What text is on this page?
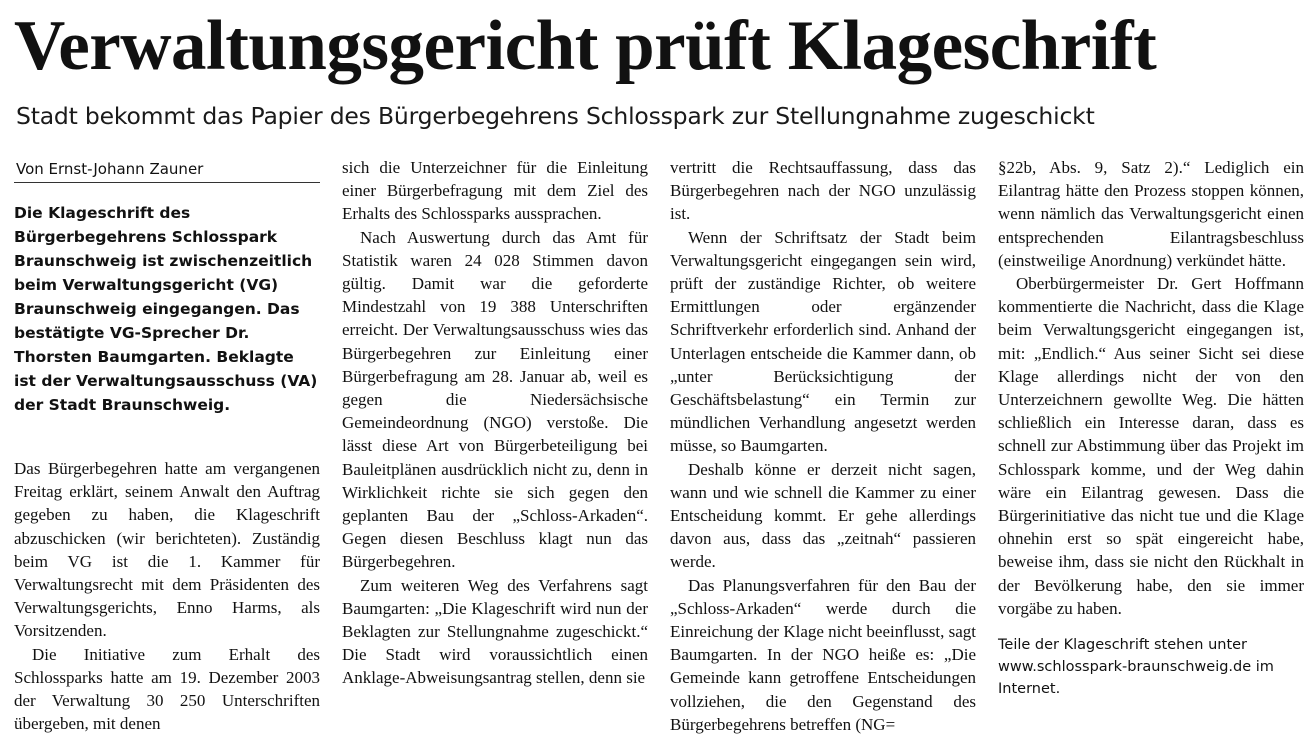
Verwaltungsgericht prüft Klageschrift
Stadt bekommt das Papier des Bürgerbegehrens Schlosspark zur Stellungnahme zugeschickt
Von Ernst-Johann Zauner

Die Klageschrift des Bürgerbegehrens Schlosspark Braunschweig ist zwischenzeitlich beim Verwaltungsgericht (VG) Braunschweig eingegangen. Das bestätigte VG-Sprecher Dr. Thorsten Baumgarten. Beklagte ist der Verwaltungsausschuss (VA) der Stadt Braunschweig.

Das Bürgerbegehren hatte am vergangenen Freitag erklärt, seinem Anwalt den Auftrag gegeben zu haben, die Klageschrift abzuschicken (wir berichteten). Zuständig beim VG ist die 1. Kammer für Verwaltungsrecht mit dem Präsidenten des Verwaltungsgerichts, Enno Harms, als Vorsitzenden.

Die Initiative zum Erhalt des Schlossparks hatte am 19. Dezember 2003 der Verwaltung 30 250 Unterschriften übergeben, mit denen

sich die Unterzeichner für die Einleitung einer Bürgerbefragung mit dem Ziel des Erhalts des Schlossparks aussprachen.

Nach Auswertung durch das Amt für Statistik waren 24 028 Stimmen davon gültig. Damit war die geforderte Mindestzahl von 19 388 Unterschriften erreicht. Der Verwaltungsausschuss wies das Bürgerbegehren zur Einleitung einer Bürgerbefragung am 28. Januar ab, weil es gegen die Niedersächsische Gemeindeordnung (NGO) verstoße. Die lässt diese Art von Bürgerbeteiligung bei Bauleitplänen ausdrücklich nicht zu, denn in Wirklichkeit richte sie sich gegen den geplanten Bau der „Schloss-Arkaden“. Gegen diesen Beschluss klagt nun das Bürgerbegehren.

Zum weiteren Weg des Verfahrens sagt Baumgarten: „Die Klageschrift wird nun der Beklagten zur Stellungnahme zugeschickt.“ Die Stadt wird voraussichtlich einen Anklage-Abweisungsantrag stellen, denn sie

vertritt die Rechtsauffassung, dass das Bürgerbegehren nach der NGO unzulässig ist.

Wenn der Schriftsatz der Stadt beim Verwaltungsgericht eingegangen sein wird, prüft der zuständige Richter, ob weitere Ermittlungen oder ergänzender Schriftverkehr erforderlich sind. Anhand der Unterlagen entscheide die Kammer dann, ob „unter Berücksichtigung der Geschäftsbelastung“ ein Termin zur mündlichen Verhandlung angesetzt werden müsse, so Baumgarten.

Deshalb könne er derzeit nicht sagen, wann und wie schnell die Kammer zu einer Entscheidung kommt. Er gehe allerdings davon aus, dass das „zeitnah“ passieren werde.

Das Planungsverfahren für den Bau der „Schloss-Arkaden“ werde durch die Einreichung der Klage nicht beeinflusst, sagt Baumgarten. In der NGO heiße es: „Die Gemeinde kann getroffene Entscheidungen vollziehen, die den Gegenstand des Bürgerbegehrens betreffen (NG=

§22b, Abs. 9, Satz 2).“ Lediglich ein Eilantrag hätte den Prozess stoppen können, wenn nämlich das Verwaltungsgericht einen entsprechenden Eilantragsbeschluss (einstweilige Anordnung) verkündet hätte.

Oberbürgermeister Dr. Gert Hoffmann kommentierte die Nachricht, dass die Klage beim Verwaltungsgericht eingegangen ist, mit: „Endlich.“ Aus seiner Sicht sei diese Klage allerdings nicht der von den Unterzeichnern gewollte Weg. Die hätten schließlich ein Interesse daran, dass es schnell zur Abstimmung über das Projekt im Schlosspark komme, und der Weg dahin wäre ein Eilantrag gewesen. Dass die Bürgerinitiative das nicht tue und die Klage ohnehin erst so spät eingereicht habe, beweise ihm, dass sie nicht den Rückhalt in der Bevölkerung habe, den sie immer vorgäbe zu haben.

Teile der Klageschrift stehen unter www.schlosspark-braunschweig.de im Internet.
